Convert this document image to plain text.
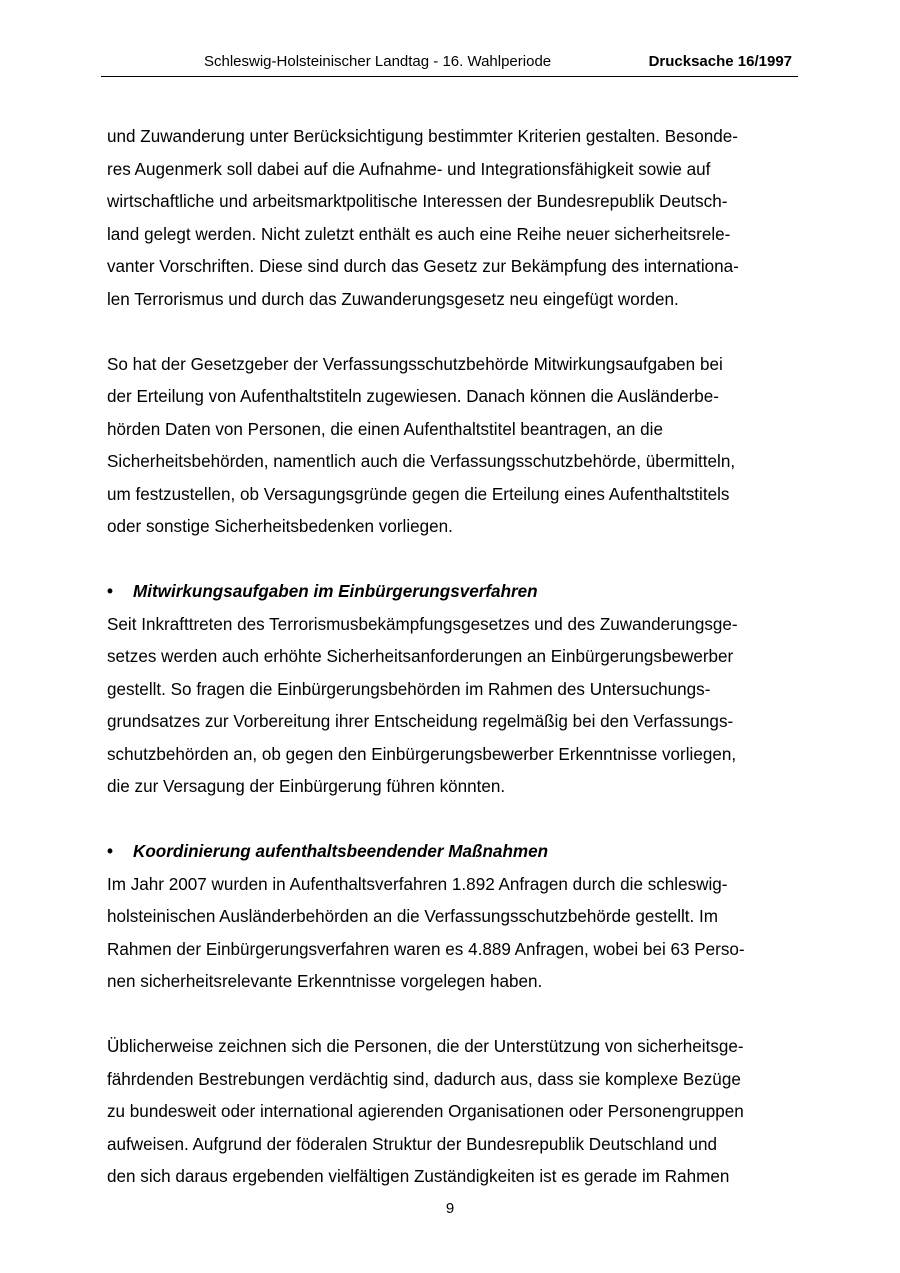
Schleswig-Holsteinischer Landtag - 16. Wahlperiode	Drucksache 16/1997

und Zuwanderung unter Berücksichtigung bestimmter Kriterien gestalten. Besonde-
res Augenmerk soll dabei auf die Aufnahme- und Integrationsfähigkeit sowie auf
wirtschaftliche und arbeitsmarktpolitische Interessen der Bundesrepublik Deutsch-
land gelegt werden. Nicht zuletzt enthält es auch eine Reihe neuer sicherheitsrele-
vanter Vorschriften. Diese sind durch das Gesetz zur Bekämpfung des internationa-
len Terrorismus und durch das Zuwanderungsgesetz neu eingefügt worden.

So hat der Gesetzgeber der Verfassungsschutzbehörde Mitwirkungsaufgaben bei
der Erteilung von Aufenthaltstiteln zugewiesen. Danach können die Ausländerbe-
hörden Daten von Personen, die einen Aufenthaltstitel beantragen, an die
Sicherheitsbehörden, namentlich auch die Verfassungsschutzbehörde, übermitteln,
um festzustellen, ob Versagungsgründe gegen die Erteilung eines Aufenthaltstitels
oder sonstige Sicherheitsbedenken vorliegen.

• Mitwirkungsaufgaben im Einbürgerungsverfahren

Seit Inkrafttreten des Terrorismusbekämpfungsgesetzes und des Zuwanderungsge-
setzes werden auch erhöhte Sicherheitsanforderungen an Einbürgerungsbewerber
gestellt. So fragen die Einbürgerungsbehörden im Rahmen des Untersuchungs-
grundsatzes zur Vorbereitung ihrer Entscheidung regelmäßig bei den Verfassungs-
schutzbehörden an, ob gegen den Einbürgerungsbewerber Erkenntnisse vorliegen,
die zur Versagung der Einbürgerung führen könnten.

• Koordinierung aufenthaltsbeendender Maßnahmen

Im Jahr 2007 wurden in Aufenthaltsverfahren 1.892 Anfragen durch die schleswig-
holsteinischen Ausländerbehörden an die Verfassungsschutzbehörde gestellt. Im
Rahmen der Einbürgerungsverfahren waren es 4.889 Anfragen, wobei bei 63 Perso-
nen sicherheitsrelevante Erkenntnisse vorgelegen haben.

Üblicherweise zeichnen sich die Personen, die der Unterstützung von sicherheitsge-
fährdenden Bestrebungen verdächtig sind, dadurch aus, dass sie komplexe Bezüge
zu bundesweit oder international agierenden Organisationen oder Personengruppen
aufweisen. Aufgrund der föderalen Struktur der Bundesrepublik Deutschland und
den sich daraus ergebenden vielfältigen Zuständigkeiten ist es gerade im Rahmen

9
